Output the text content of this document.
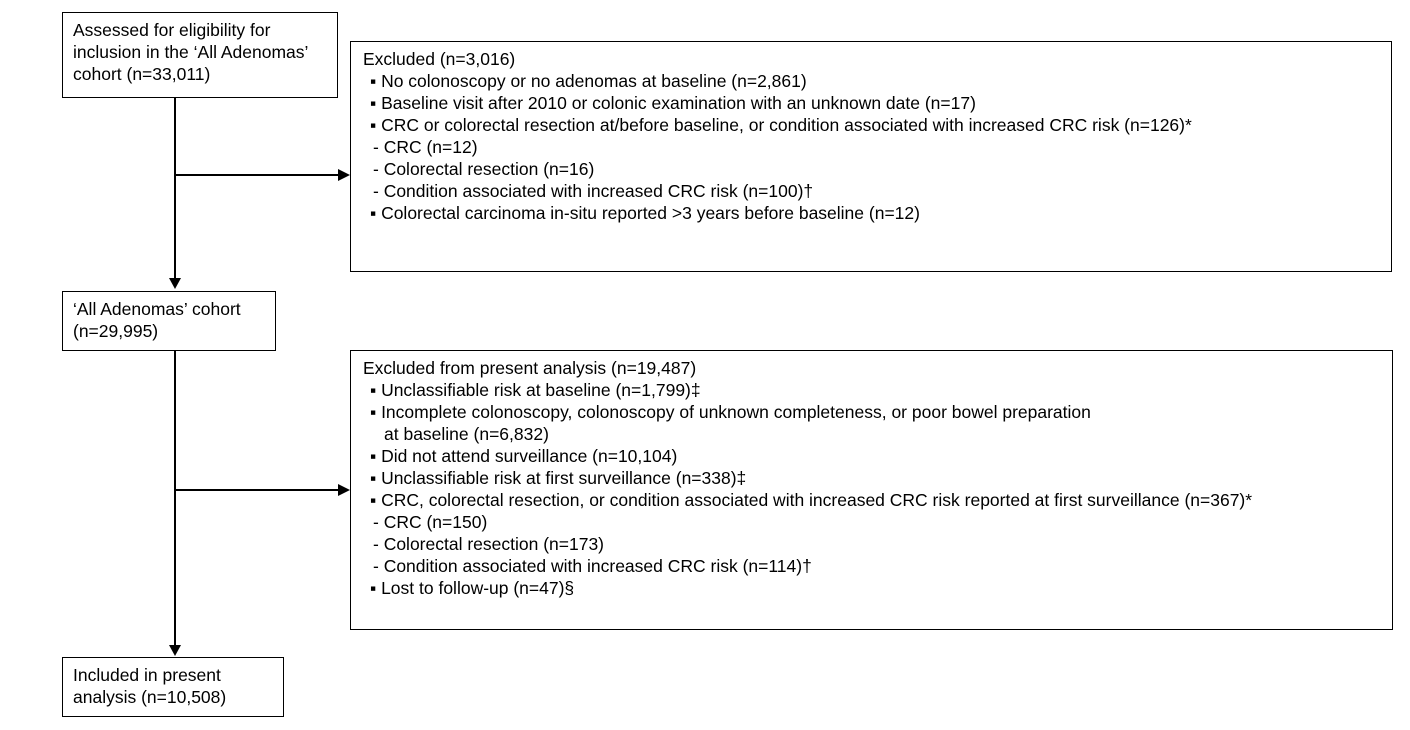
Assessed for eligibility for
inclusion in the ‘All Adenomas’
cohort (n=33,011)
Excluded (n=3,016)
▪ No colonoscopy or no adenomas at baseline (n=2,861)
▪ Baseline visit after 2010 or colonic examination with an unknown date (n=17)
▪ CRC or colorectal resection at/before baseline, or condition associated with increased CRC risk (n=126)*
- CRC (n=12)
- Colorectal resection (n=16)
- Condition associated with increased CRC risk (n=100)†
▪ Colorectal carcinoma in-situ reported >3 years before baseline (n=12)
‘All Adenomas’ cohort
(n=29,995)
Excluded from present analysis (n=19,487)
▪ Unclassifiable risk at baseline (n=1,799)‡
▪ Incomplete colonoscopy, colonoscopy of unknown completeness, or poor bowel preparation
at baseline (n=6,832)
▪ Did not attend surveillance (n=10,104)
▪ Unclassifiable risk at first surveillance (n=338)‡
▪ CRC, colorectal resection, or condition associated with increased CRC risk reported at first surveillance (n=367)*
- CRC (n=150)
- Colorectal resection (n=173)
- Condition associated with increased CRC risk (n=114)†
▪ Lost to follow-up (n=47)§
Included in present
analysis (n=10,508)
